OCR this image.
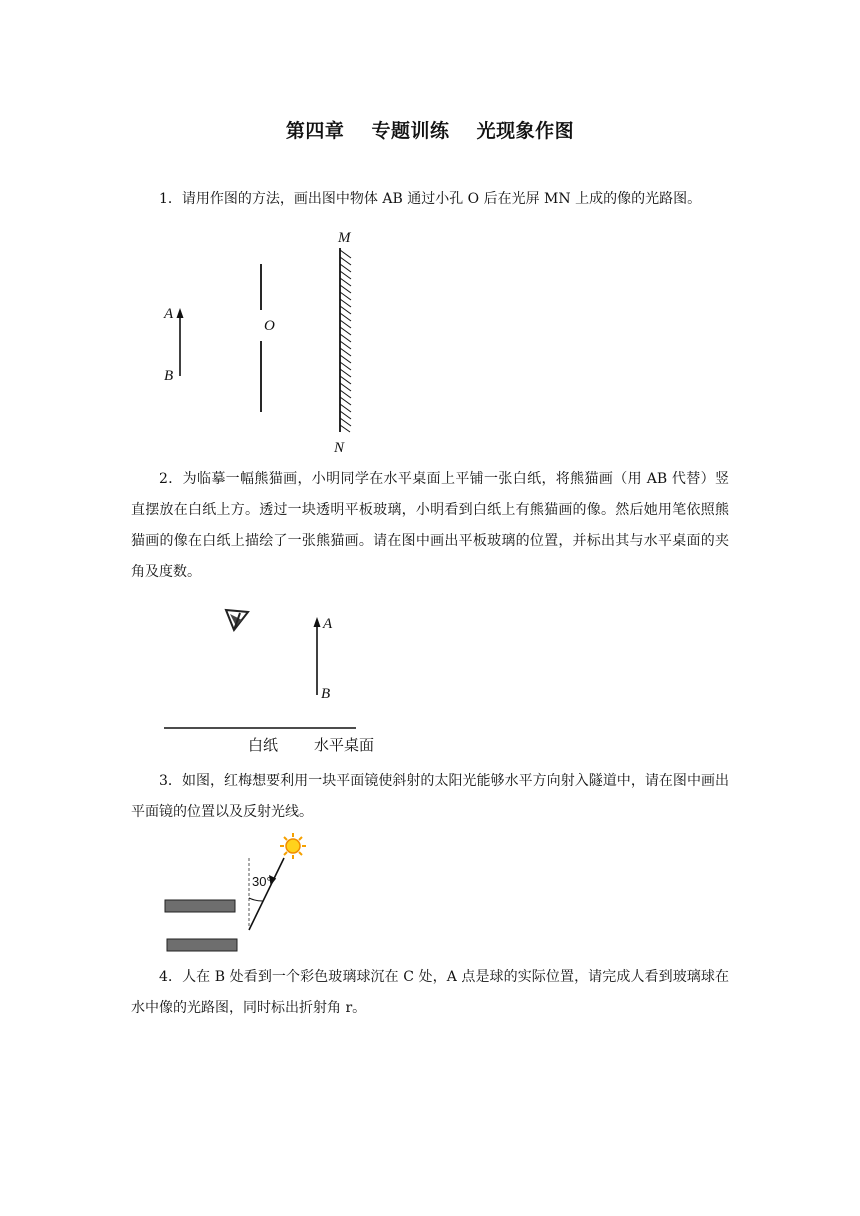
第四章 专题训练 光现象作图
1．请用作图的方法，画出图中物体 AB 通过小孔 O 后在光屏 MN 上成的像的光路图。
A
B
O
M
N
2．为临摹一幅熊猫画，小明同学在水平桌面上平铺一张白纸，将熊猫画（用 AB 代替）竖直摆放在白纸上方。透过一块透明平板玻璃，小明看到白纸上有熊猫画的像。然后她用笔依照熊猫画的像在白纸上描绘了一张熊猫画。请在图中画出平板玻璃的位置，并标出其与水平桌面的夹角及度数。
A
B
白纸 水平桌面
3．如图，红梅想要利用一块平面镜使斜射的太阳光能够水平方向射入隧道中，请在图中画出平面镜的位置以及反射光线。
30°
4．人在 B 处看到一个彩色玻璃球沉在 C 处，A 点是球的实际位置，请完成人看到玻璃球在水中像的光路图，同时标出折射角 r。
